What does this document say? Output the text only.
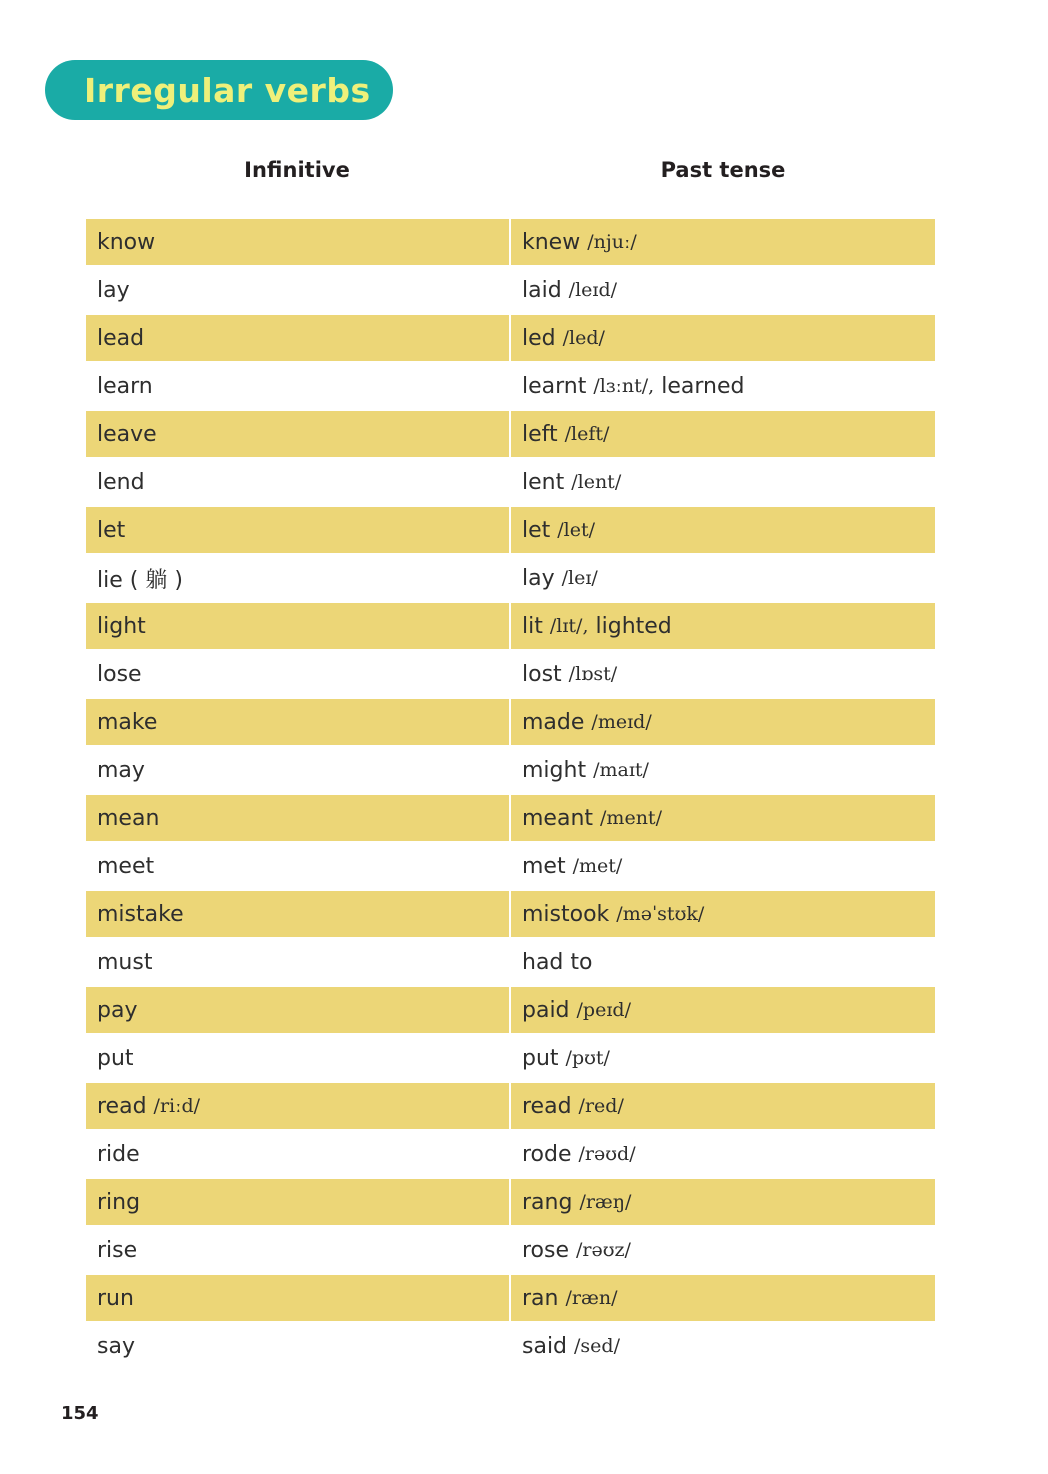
Irregular verbs
Infinitive	Past tense
know	knew /njuː/
lay	laid /leɪd/
lead	led /led/
learn	learnt /lɜːnt/, learned
leave	left /left/
lend	lent /lent/
let	let /let/
lie ( 躺 )	lay /leɪ/
light	lit /lɪt/, lighted
lose	lost /lɒst/
make	made /meɪd/
may	might /maɪt/
mean	meant /ment/
meet	met /met/
mistake	mistook /məˈstʊk/
must	had to
pay	paid /peɪd/
put	put /pʊt/
read /riːd/	read /red/
ride	rode /rəʊd/
ring	rang /ræŋ/
rise	rose /rəʊz/
run	ran /ræn/
say	said /sed/
154
